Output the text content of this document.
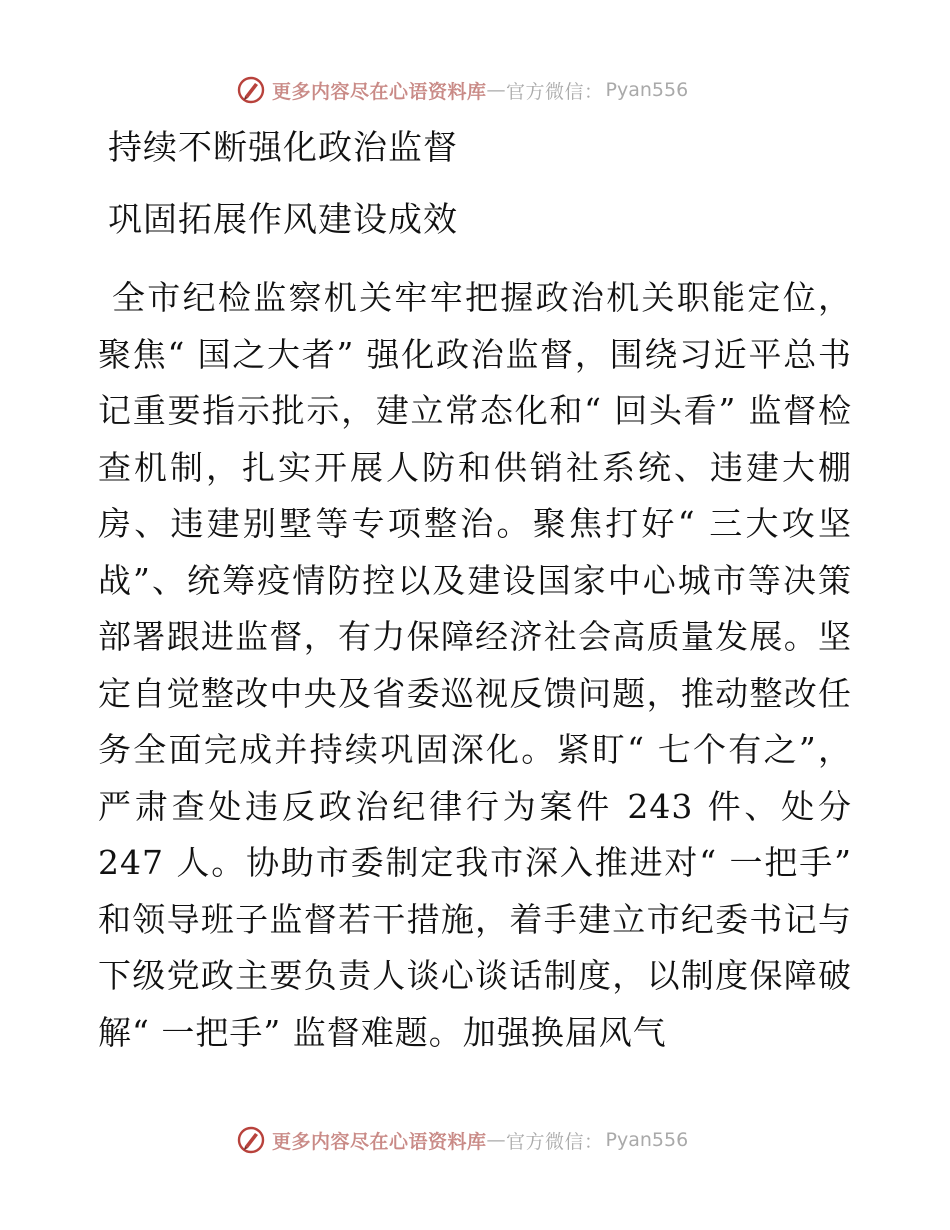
更多内容尽在心语资料库 — 官方微信： Pyan556
持续不断强化政治监督
巩固拓展作风建设成效

全市纪检监察机关牢牢把握政治机关职能定位，聚焦“ 国之大者” 强化政治监督，围绕习近平总书记重要指示批示，建立常态化和“ 回头看” 监督检查机制，扎实开展人防和供销社系统、违建大棚房、违建别墅等专项整治。聚焦打好“ 三大攻坚战”、统筹疫情防控以及建设国家中心城市等决策部署跟进监督，有力保障经济社会高质量发展。坚定自觉整改中央及省委巡视反馈问题，推动整改任务全面完成并持续巩固深化。紧盯“ 七个有之”，严肃查处违反政治纪律行为案件 243 件、处分 247 人。协助市委制定我市深入推进对“ 一把手” 和领导班子监督若干措施，着手建立市纪委书记与下级党政主要负责人谈心谈话制度，以制度保障破解“ 一把手” 监督难题。加强换届风气

更多内容尽在心语资料库 — 官方微信： Pyan556
